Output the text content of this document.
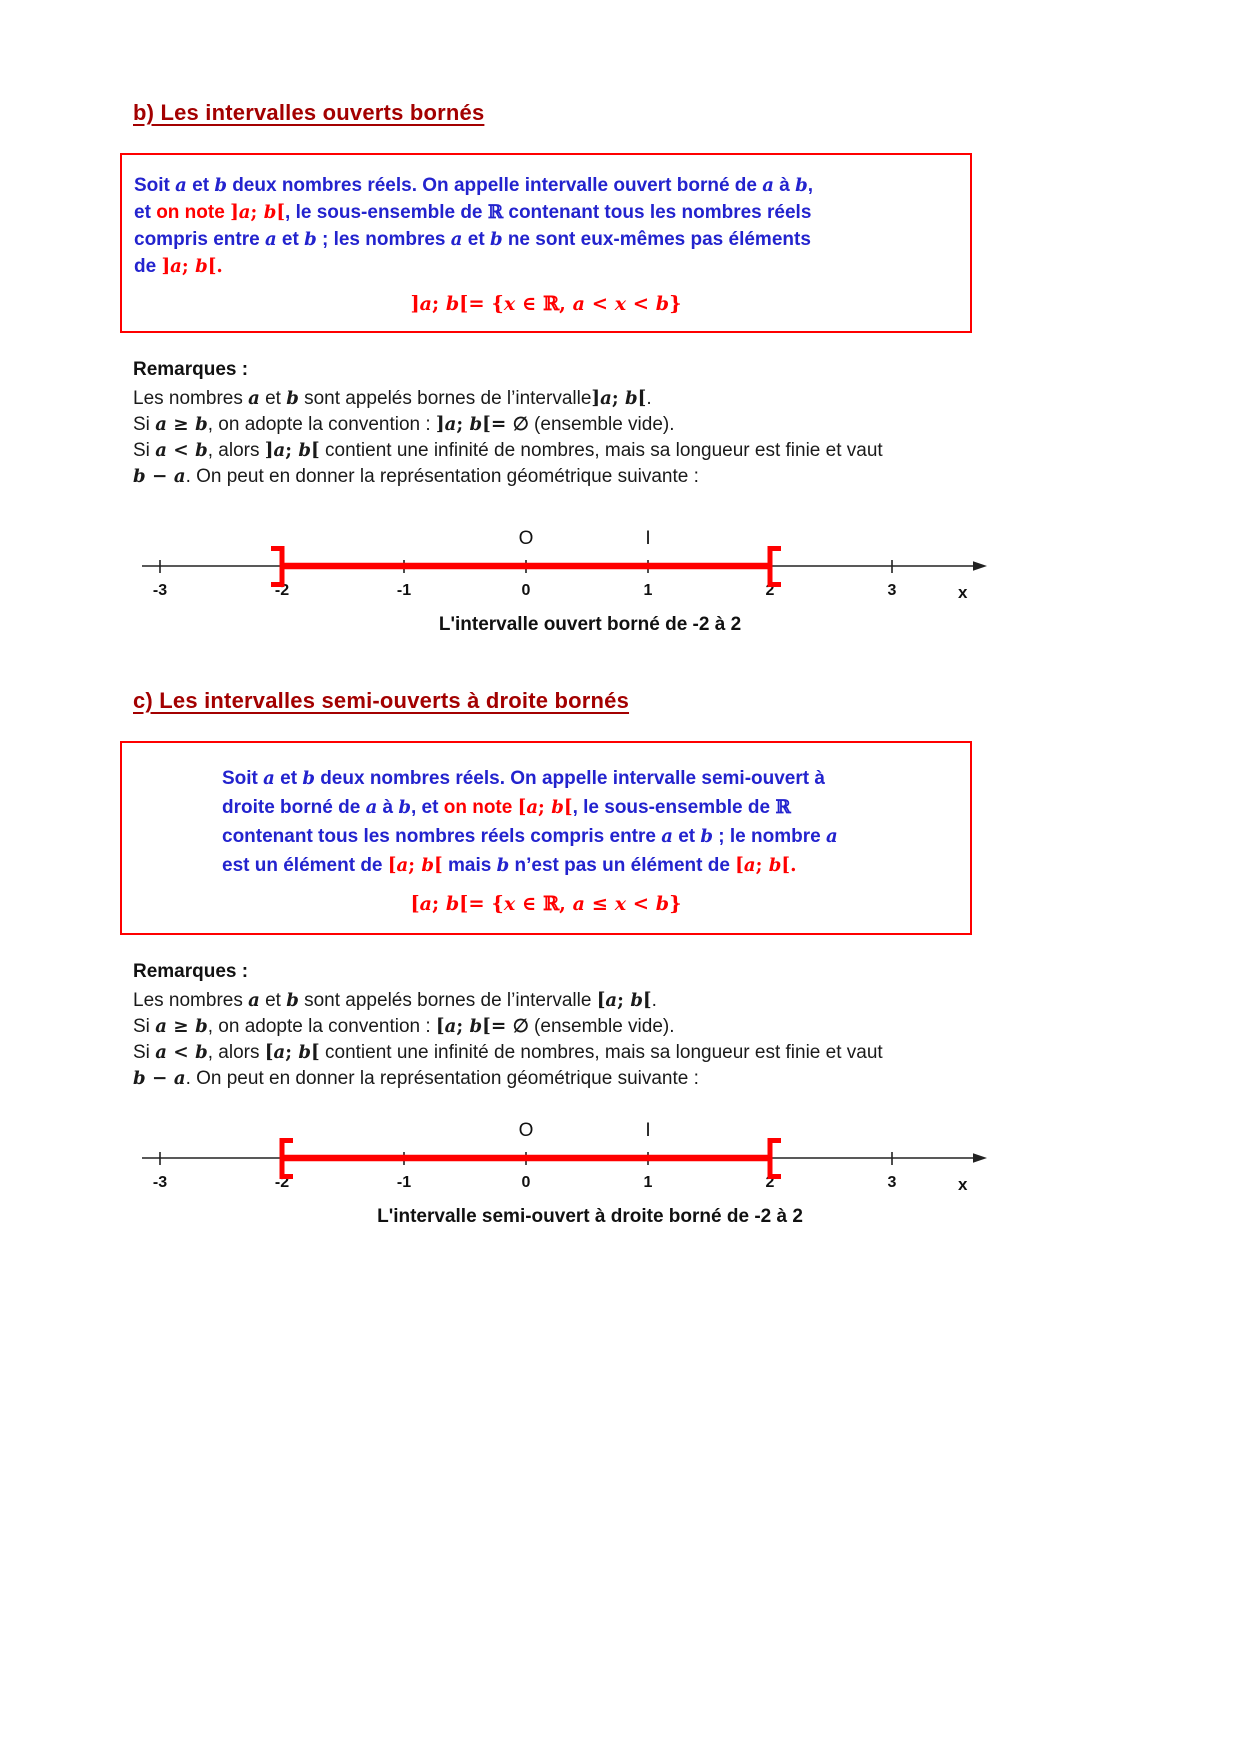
b) Les intervalles ouverts bornés
Soit a et b deux nombres réels. On appelle intervalle ouvert borné de a à b,
et on note ]a; b[, le sous-ensemble de ℝ contenant tous les nombres réels
compris entre a et b ; les nombres a et b ne sont eux-mêmes pas éléments
de ]a; b[.
]a; b[= {x ∈ ℝ, a < x < b}
Remarques :
Les nombres a et b sont appelés bornes de l’intervalle]a; b[.
Si a ≥ b, on adopte la convention : ]a; b[= ∅ (ensemble vide).
Si a < b, alors ]a; b[ contient une infinité de nombres, mais sa longueur est finie et vaut
b − a. On peut en donner la représentation géométrique suivante :
-3	-2	-1	0	1	2	3
O	I
x
L'intervalle ouvert borné de -2 à 2
c) Les intervalles semi-ouverts à droite bornés
Soit a et b deux nombres réels. On appelle intervalle semi-ouvert à
droite borné de a à b, et on note [a; b[, le sous-ensemble de ℝ
contenant tous les nombres réels compris entre a et b ; le nombre a
est un élément de [a; b[ mais b n’est pas un élément de [a; b[.
[a; b[= {x ∈ ℝ, a ≤ x < b}
Remarques :
Les nombres a et b sont appelés bornes de l’intervalle [a; b[.
Si a ≥ b, on adopte la convention : [a; b[= ∅ (ensemble vide).
Si a < b, alors [a; b[ contient une infinité de nombres, mais sa longueur est finie et vaut
b − a. On peut en donner la représentation géométrique suivante :
-3	-2	-1	0	1	2	3
O	I
x
L'intervalle semi-ouvert à droite borné de -2 à 2
